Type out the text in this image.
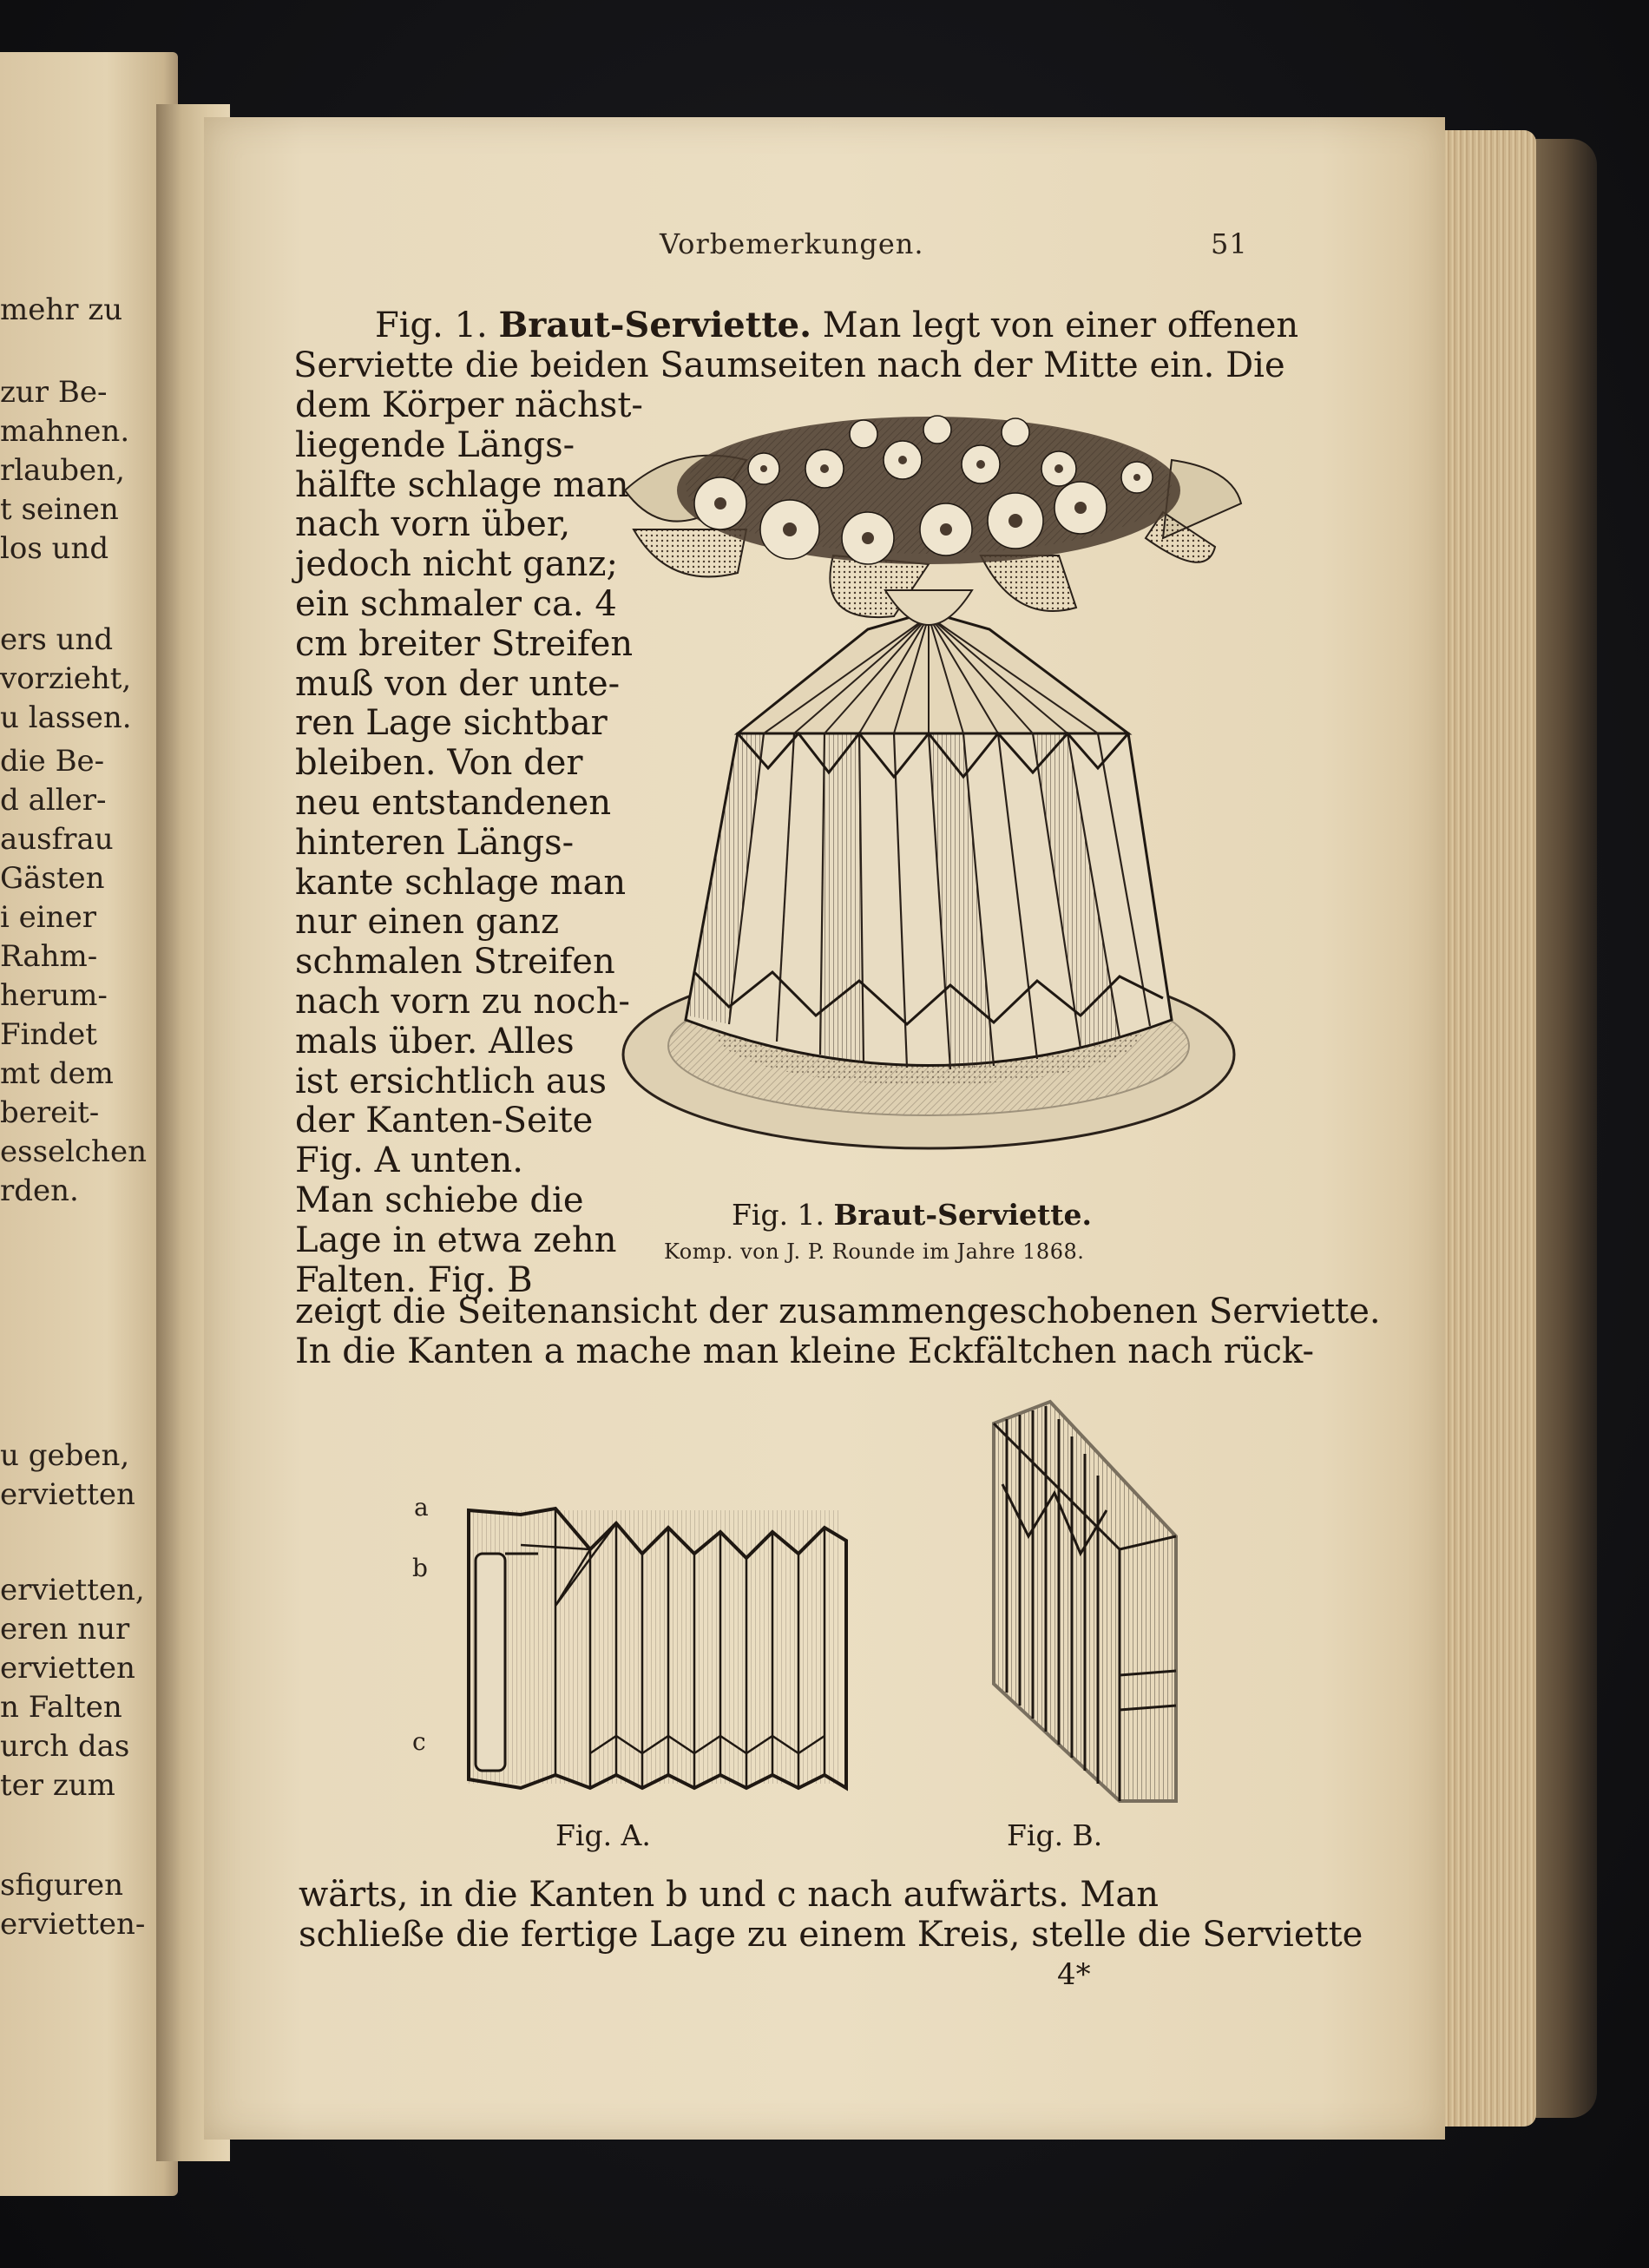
mehr zu
zur Be-
mahnen.
rlauben,
t seinen
los und
ers und
vorzieht,
u lassen.
die Be-
d aller-
ausfrau
Gästen
i einer
Rahm-
herum-
Findet
mt dem
bereit-
esselchen
rden.
u geben,
ervietten
ervietten,
eren nur
ervietten
n Falten
urch das
ter zum
sfiguren
ervietten-
Vorbemerkungen.	51
Fig. 1. Braut-Serviette. Man legt von einer offenen
Serviette die beiden Saumseiten nach der Mitte ein. Die
dem Körper nächst-
liegende Längs-
hälfte schlage man
nach vorn über,
jedoch nicht ganz;
ein schmaler ca. 4
cm breiter Streifen
muß von der unte-
ren Lage sichtbar
bleiben. Von der
neu entstandenen
hinteren Längs-
kante schlage man
nur einen ganz
schmalen Streifen
nach vorn zu noch-
mals über. Alles
ist ersichtlich aus
der Kanten-Seite
Fig. A unten.
Man schiebe die
Lage in etwa zehn
Falten. Fig. B
Fig. 1. Braut-Serviette.
Komp. von J. P. Rounde im Jahre 1868.
zeigt die Seitenansicht der zusammengeschobenen Serviette.
In die Kanten a mache man kleine Eckfältchen nach rück-
a
b
c
Fig. A.	Fig. B.
wärts, in die Kanten b und c nach aufwärts. Man
schließe die fertige Lage zu einem Kreis, stelle die Serviette
4*
